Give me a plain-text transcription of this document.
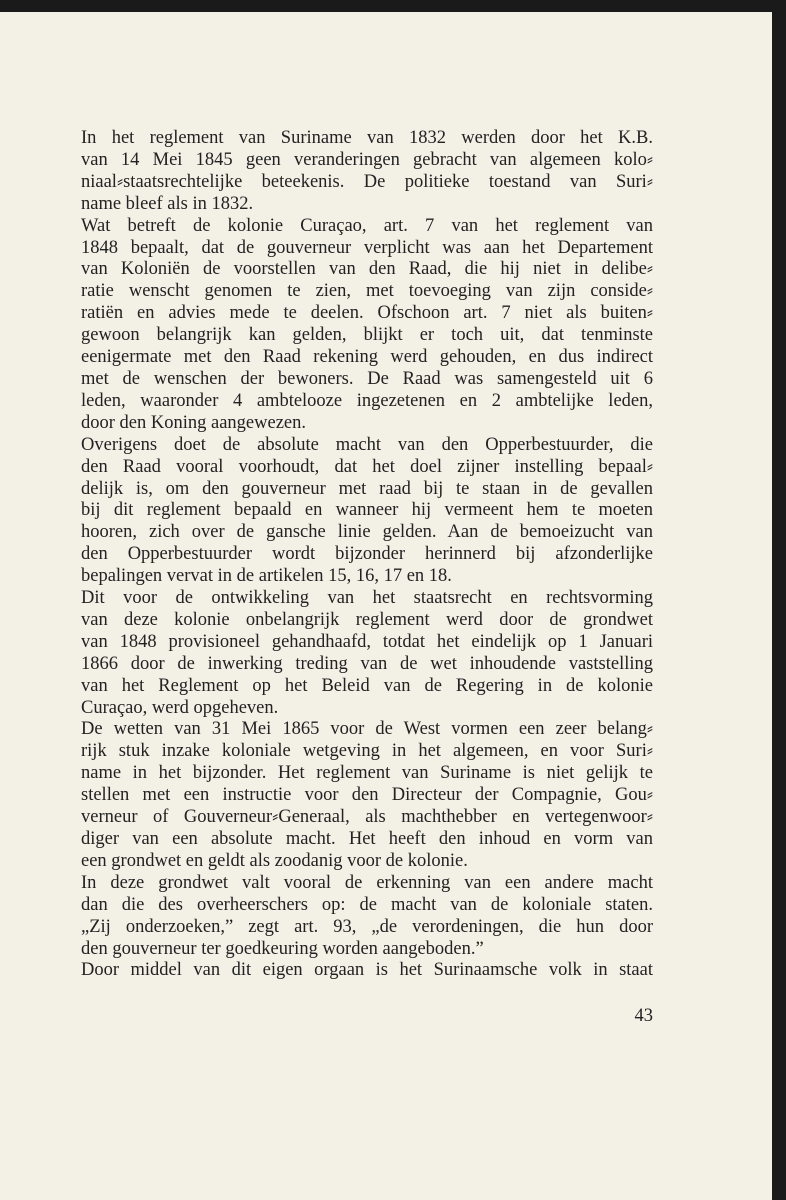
In het reglement van Suriname van 1832 werden door het K.B.
van 14 Mei 1845 geen veranderingen gebracht van algemeen kolo⸗
niaal⸗staatsrechtelijke beteekenis. De politieke toestand van Suri⸗
name bleef als in 1832.

Wat betreft de kolonie Curaçao, art. 7 van het reglement van
1848 bepaalt, dat de gouverneur verplicht was aan het Departement
van Koloniën de voorstellen van den Raad, die hij niet in delibe⸗
ratie wenscht genomen te zien, met toevoeging van zijn conside⸗
ratiën en advies mede te deelen. Ofschoon art. 7 niet als buiten⸗
gewoon belangrijk kan gelden, blijkt er toch uit, dat tenminste
eenigermate met den Raad rekening werd gehouden, en dus indirect
met de wenschen der bewoners. De Raad was samengesteld uit 6
leden, waaronder 4 ambtelooze ingezetenen en 2 ambtelijke leden,
door den Koning aangewezen.

Overigens doet de absolute macht van den Opperbestuurder, die
den Raad vooral voorhoudt, dat het doel zijner instelling bepaal⸗
delijk is, om den gouverneur met raad bij te staan in de gevallen
bij dit reglement bepaald en wanneer hij vermeent hem te moeten
hooren, zich over de gansche linie gelden. Aan de bemoeizucht van
den Opperbestuurder wordt bijzonder herinnerd bij afzonderlijke
bepalingen vervat in de artikelen 15, 16, 17 en 18.

Dit voor de ontwikkeling van het staatsrecht en rechtsvorming
van deze kolonie onbelangrijk reglement werd door de grondwet
van 1848 provisioneel gehandhaafd, totdat het eindelijk op 1 Januari
1866 door de inwerking treding van de wet inhoudende vaststelling
van het Reglement op het Beleid van de Regering in de kolonie
Curaçao, werd opgeheven.

De wetten van 31 Mei 1865 voor de West vormen een zeer belang⸗
rijk stuk inzake koloniale wetgeving in het algemeen, en voor Suri⸗
name in het bijzonder. Het reglement van Suriname is niet gelijk te
stellen met een instructie voor den Directeur der Compagnie, Gou⸗
verneur of Gouverneur⸗Generaal, als machthebber en vertegenwoor⸗
diger van een absolute macht. Het heeft den inhoud en vorm van
een grondwet en geldt als zoodanig voor de kolonie.

In deze grondwet valt vooral de erkenning van een andere macht
dan die des overheerschers op: de macht van de koloniale staten.
„Zij onderzoeken,” zegt art. 93, „de verordeningen, die hun door
den gouverneur ter goedkeuring worden aangeboden.”

Door middel van dit eigen orgaan is het Surinaamsche volk in staat

43
